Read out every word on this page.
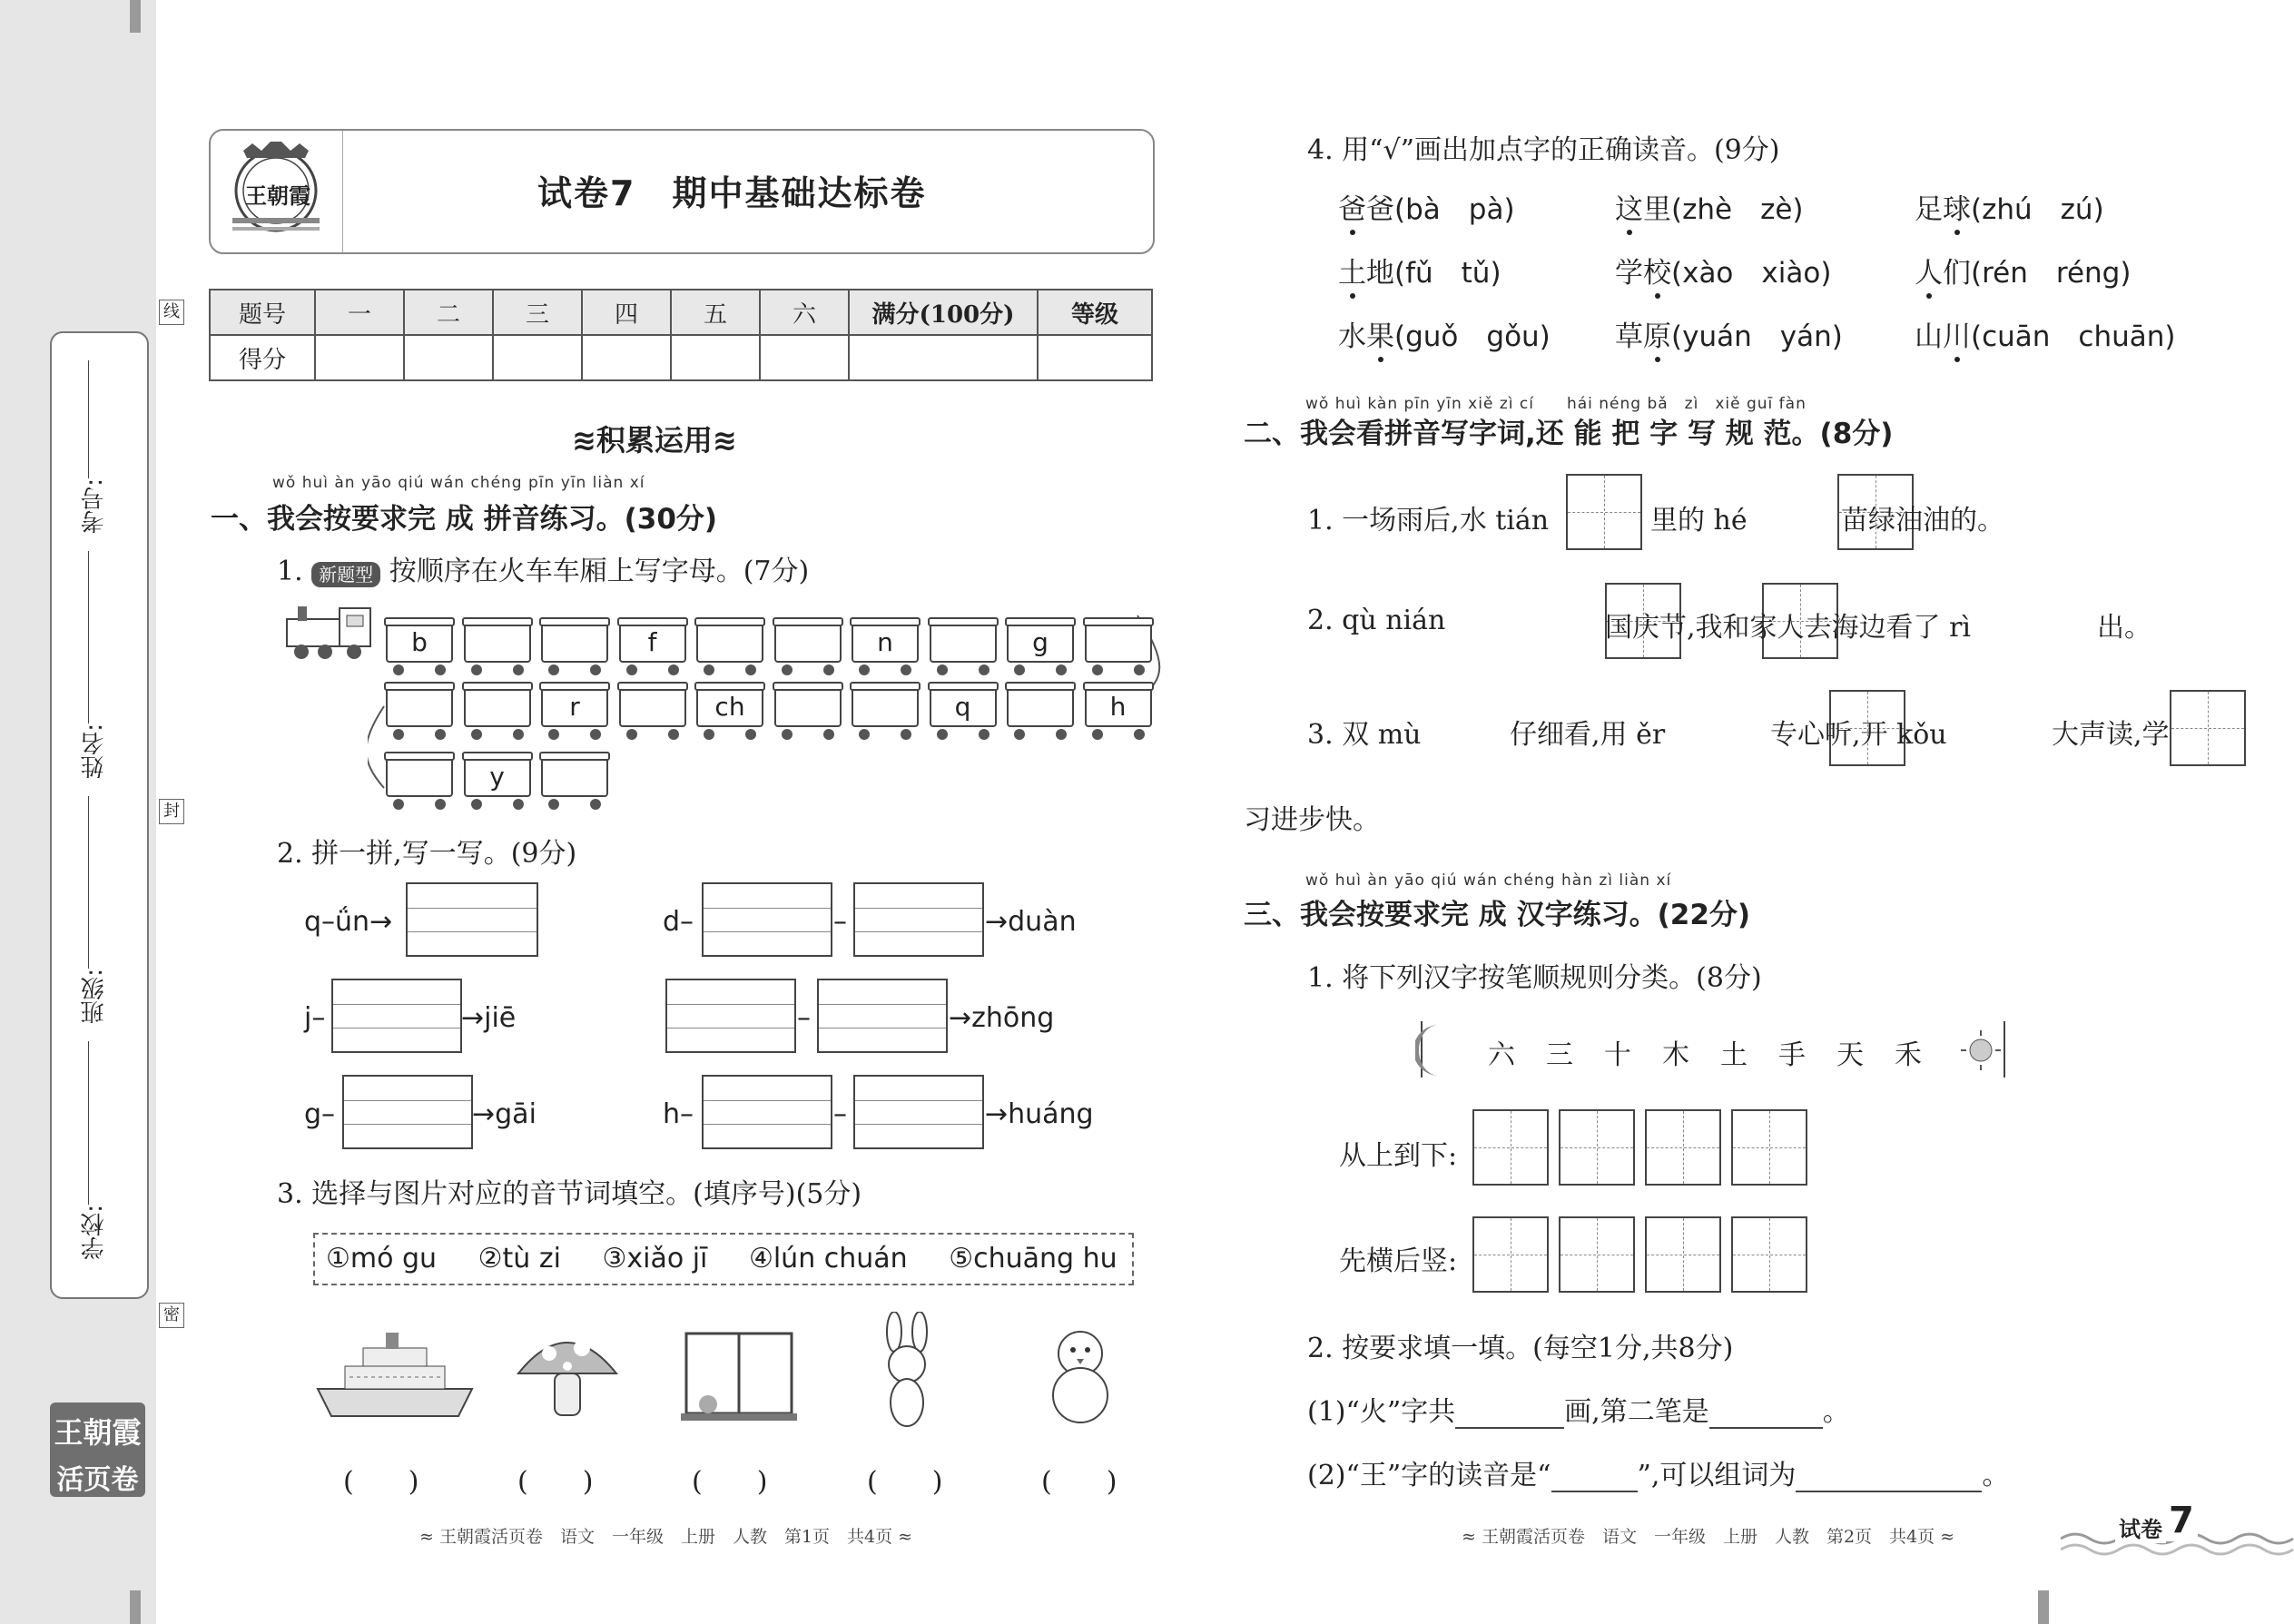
线
封
密
考号:
姓名:
班级:
学校:
王朝霞
活页卷
王朝霞	试卷7　期中基础达标卷
题号	一	二	三	四	五	六	满分(100分)	等级
得分								
≋积累运用≋
wǒ huì àn yāo qiú wán chéng pīn yīn liàn xí
一、我会按要求完 成 拼音练习。(30分)
1. 新题型 按顺序在火车车厢上写字母。(7分)
b	f	n	g
r	ch	q	h
y
2. 拼一拼,写一写。(9分)
q–ǘn→	d–	–	→duàn
j–	→jiē	–	→zhōng
g–	→gāi	h–	–	→huáng
3. 选择与图片对应的音节词填空。(填序号)(5分)
①mó gu ②tù zi ③xiǎo jī ④lún chuán ⑤chuāng hu
(　　)	(　　)	(　　)	(　　)	(　　)
≈ 王朝霞活页卷　语文　一年级　上册　人教　第1页　共4页 ≈
4. 用“√”画出加点字的正确读音。(9分)
爸爸(bà　pà)	这里(zhè　zè)	足球(zhú　zú)
土地(fǔ　tǔ)	学校(xào　xiào)	人们(rén　réng)
水果(guǒ　gǒu) 草原(yuán　yán)	山川(cuān　chuān)
wǒ huì kàn pīn yīn xiě zì cí　　hái néng bǎ　zì　xiě guī fàn
二、我会看拼音写字词,还 能 把 字 写 规 范。(8分)
1. 一场雨后,水 tián
	里的 hé
	苗绿油油的。
2. qù nián
	国庆节,我和家人去海边看了 rì
	出。
3. 双 mù
	仔细看,用 ěr
	专心听,开 kǒu	大声读,学
习进步快。
wǒ huì àn yāo qiú wán chéng hàn zì liàn xí
三、我会按要求完 成 汉字练习。(22分)
1. 将下列汉字按笔顺规则分类。(8分)
六 三 十 木 土 手 天 禾
从上到下:

先横后竖:

2. 按要求填一填。(每空1分,共8分)
(1)“火”字共	画,第二笔是	。
(2)“王”字的读音是“	”,可以组词为	。
≈ 王朝霞活页卷　语文　一年级　上册　人教　第2页　共4页 ≈	试卷 7
